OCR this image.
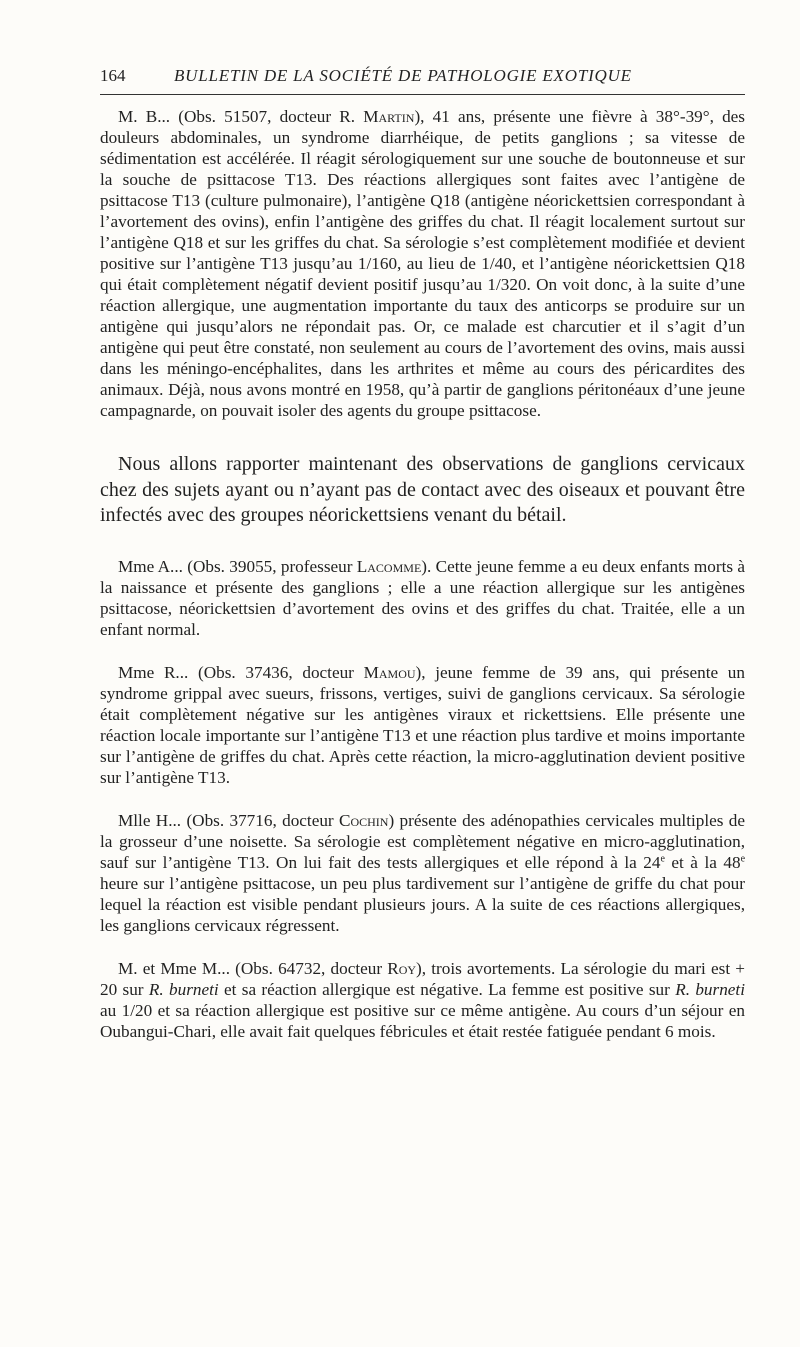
164	BULLETIN DE LA SOCIÉTÉ DE PATHOLOGIE EXOTIQUE

M. B... (Obs. 51507, docteur R. Martin), 41 ans, présente une fièvre à 38°-39°, des douleurs abdominales, un syndrome diarrhéique, de petits ganglions ; sa vitesse de sédimentation est accélérée. Il réagit sérologiquement sur une souche de boutonneuse et sur la souche de psittacose T13. Des réactions allergiques sont faites avec l’antigène de psittacose T13 (culture pulmonaire), l’antigène Q18 (antigène néorickettsien correspondant à l’avortement des ovins), enfin l’antigène des griffes du chat. Il réagit localement surtout sur l’antigène Q18 et sur les griffes du chat. Sa sérologie s’est complètement modifiée et devient positive sur l’antigène T13 jusqu’au 1/160, au lieu de 1/40, et l’antigène néorickettsien Q18 qui était complètement négatif devient positif jusqu’au 1/320. On voit donc, à la suite d’une réaction allergique, une augmentation importante du taux des anticorps se produire sur un antigène qui jusqu’alors ne répondait pas. Or, ce malade est charcutier et il s’agit d’un antigène qui peut être constaté, non seulement au cours de l’avortement des ovins, mais aussi dans les méningo-encéphalites, dans les arthrites et même au cours des péricardites des animaux. Déjà, nous avons montré en 1958, qu’à partir de ganglions péritonéaux d’une jeune campagnarde, on pouvait isoler des agents du groupe psittacose.

Nous allons rapporter maintenant des observations de ganglions cervicaux chez des sujets ayant ou n’ayant pas de contact avec des oiseaux et pouvant être infectés avec des groupes néorickettsiens venant du bétail.

Mme A... (Obs. 39055, professeur Lacomme). Cette jeune femme a eu deux enfants morts à la naissance et présente des ganglions ; elle a une réaction allergique sur les antigènes psittacose, néorickettsien d’avortement des ovins et des griffes du chat. Traitée, elle a un enfant normal.

Mme R... (Obs. 37436, docteur Mamou), jeune femme de 39 ans, qui présente un syndrome grippal avec sueurs, frissons, vertiges, suivi de ganglions cervicaux. Sa sérologie était complètement négative sur les antigènes viraux et rickettsiens. Elle présente une réaction locale importante sur l’antigène T13 et une réaction plus tardive et moins importante sur l’antigène de griffes du chat. Après cette réaction, la micro-agglutination devient positive sur l’antigène T13.

Mlle H... (Obs. 37716, docteur Cochin) présente des adénopathies cervicales multiples de la grosseur d’une noisette. Sa sérologie est complètement négative en micro-agglutination, sauf sur l’antigène T13. On lui fait des tests allergiques et elle répond à la 24e et à la 48e heure sur l’antigène psittacose, un peu plus tardivement sur l’antigène de griffe du chat pour lequel la réaction est visible pendant plusieurs jours. A la suite de ces réactions allergiques, les ganglions cervicaux régressent.

M. et Mme M... (Obs. 64732, docteur Roy), trois avortements. La sérologie du mari est + 20 sur R. burneti et sa réaction allergique est négative. La femme est positive sur R. burneti au 1/20 et sa réaction allergique est positive sur ce même antigène. Au cours d’un séjour en Oubangui-Chari, elle avait fait quelques fébricules et était restée fatiguée pendant 6 mois.
